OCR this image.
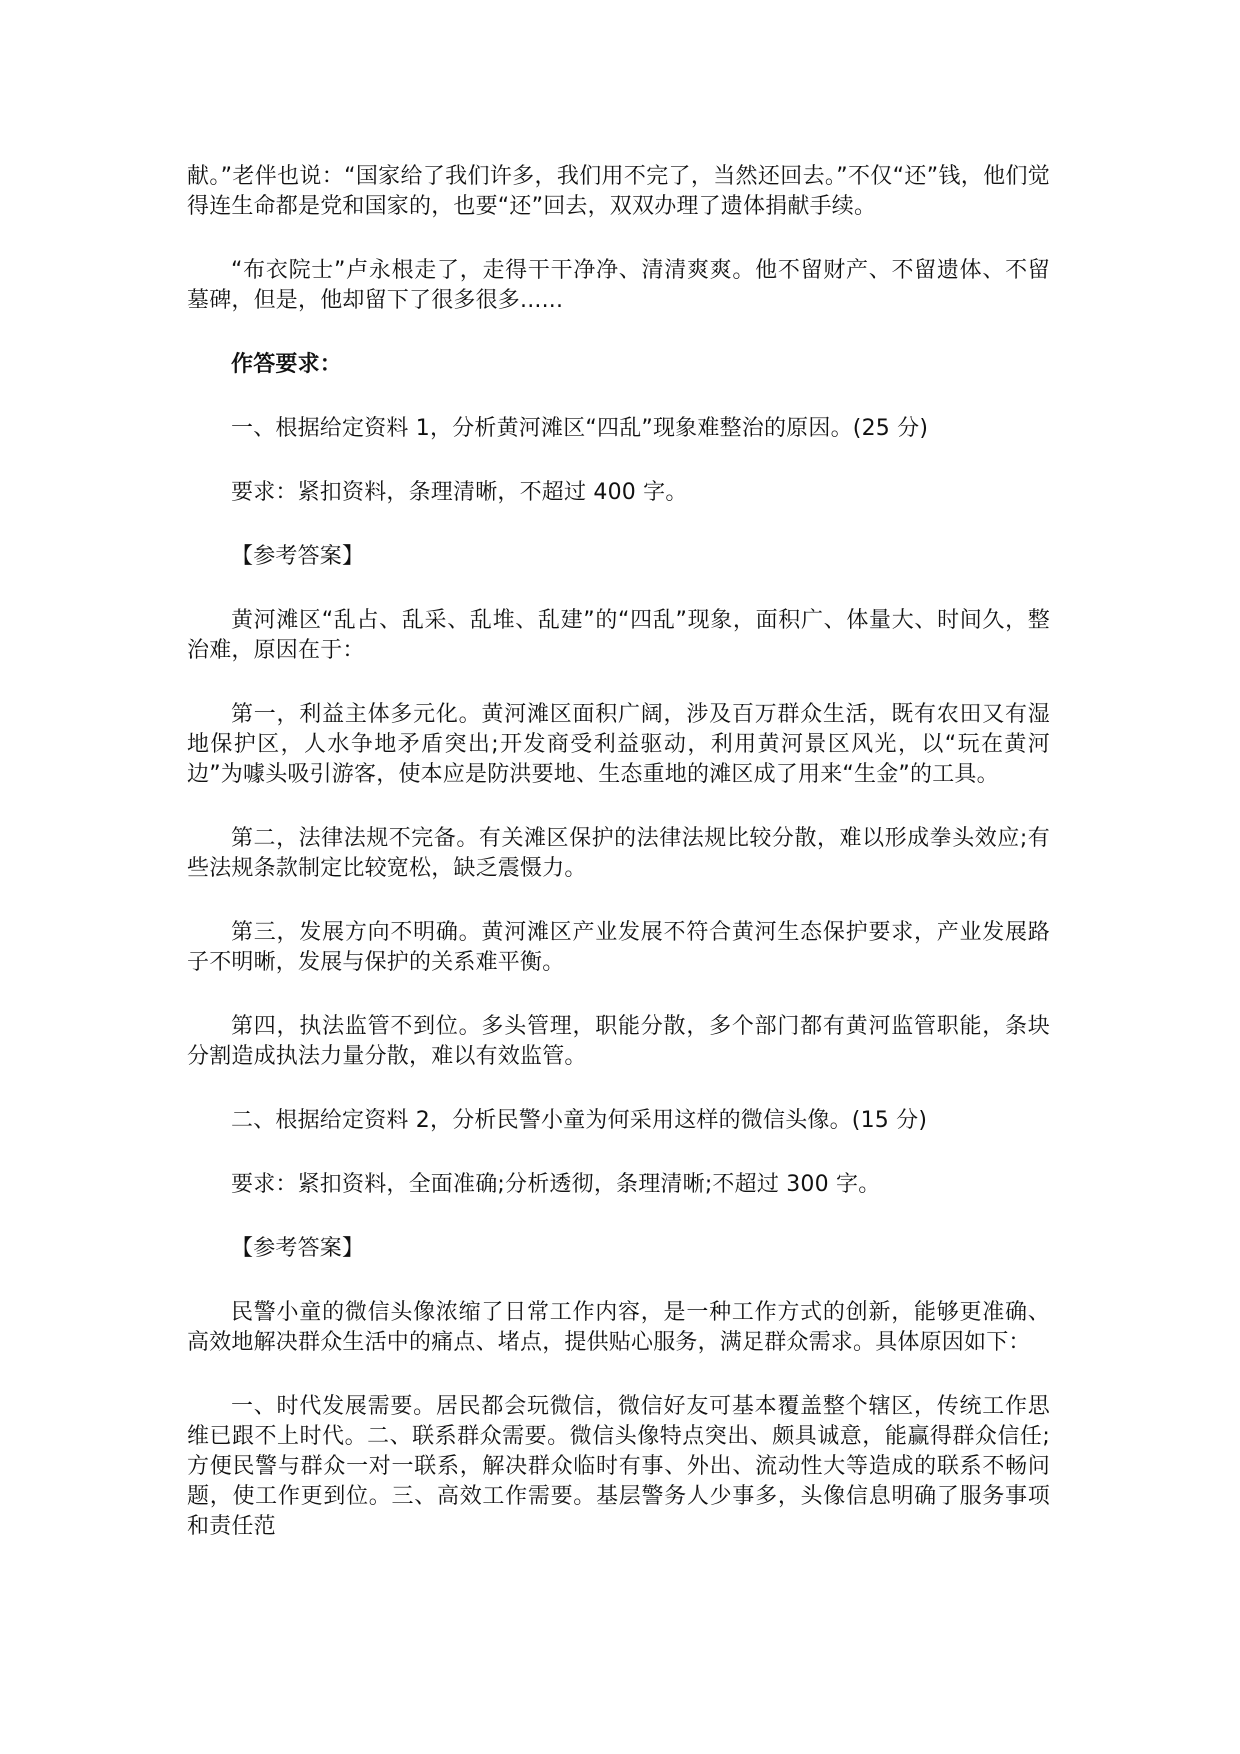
献。”老伴也说：“国家给了我们许多，我们用不完了，当然还回去。”不仅“还”钱，他们觉得连生命都是党和国家的，也要“还”回去，双双办理了遗体捐献手续。

“布衣院士”卢永根走了，走得干干净净、清清爽爽。他不留财产、不留遗体、不留墓碑，但是，他却留下了很多很多......

作答要求：

一、根据给定资料 1，分析黄河滩区“四乱”现象难整治的原因。(25 分)

要求：紧扣资料，条理清晰，不超过 400 字。

【参考答案】

黄河滩区“乱占、乱采、乱堆、乱建”的“四乱”现象，面积广、体量大、时间久，整治难，原因在于：

第一，利益主体多元化。黄河滩区面积广阔，涉及百万群众生活，既有农田又有湿地保护区，人水争地矛盾突出;开发商受利益驱动，利用黄河景区风光，以“玩在黄河边”为噱头吸引游客，使本应是防洪要地、生态重地的滩区成了用来“生金”的工具。

第二，法律法规不完备。有关滩区保护的法律法规比较分散，难以形成拳头效应;有些法规条款制定比较宽松，缺乏震慑力。

第三，发展方向不明确。黄河滩区产业发展不符合黄河生态保护要求，产业发展路子不明晰，发展与保护的关系难平衡。

第四，执法监管不到位。多头管理，职能分散，多个部门都有黄河监管职能，条块分割造成执法力量分散，难以有效监管。

二、根据给定资料 2，分析民警小童为何采用这样的微信头像。(15 分)

要求：紧扣资料，全面准确;分析透彻，条理清晰;不超过 300 字。

【参考答案】

民警小童的微信头像浓缩了日常工作内容，是一种工作方式的创新，能够更准确、高效地解决群众生活中的痛点、堵点，提供贴心服务，满足群众需求。具体原因如下：

一、时代发展需要。居民都会玩微信，微信好友可基本覆盖整个辖区，传统工作思维已跟不上时代。二、联系群众需要。微信头像特点突出、颇具诚意，能赢得群众信任;方便民警与群众一对一联系，解决群众临时有事、外出、流动性大等造成的联系不畅问题，使工作更到位。三、高效工作需要。基层警务人少事多，头像信息明确了服务事项和责任范
